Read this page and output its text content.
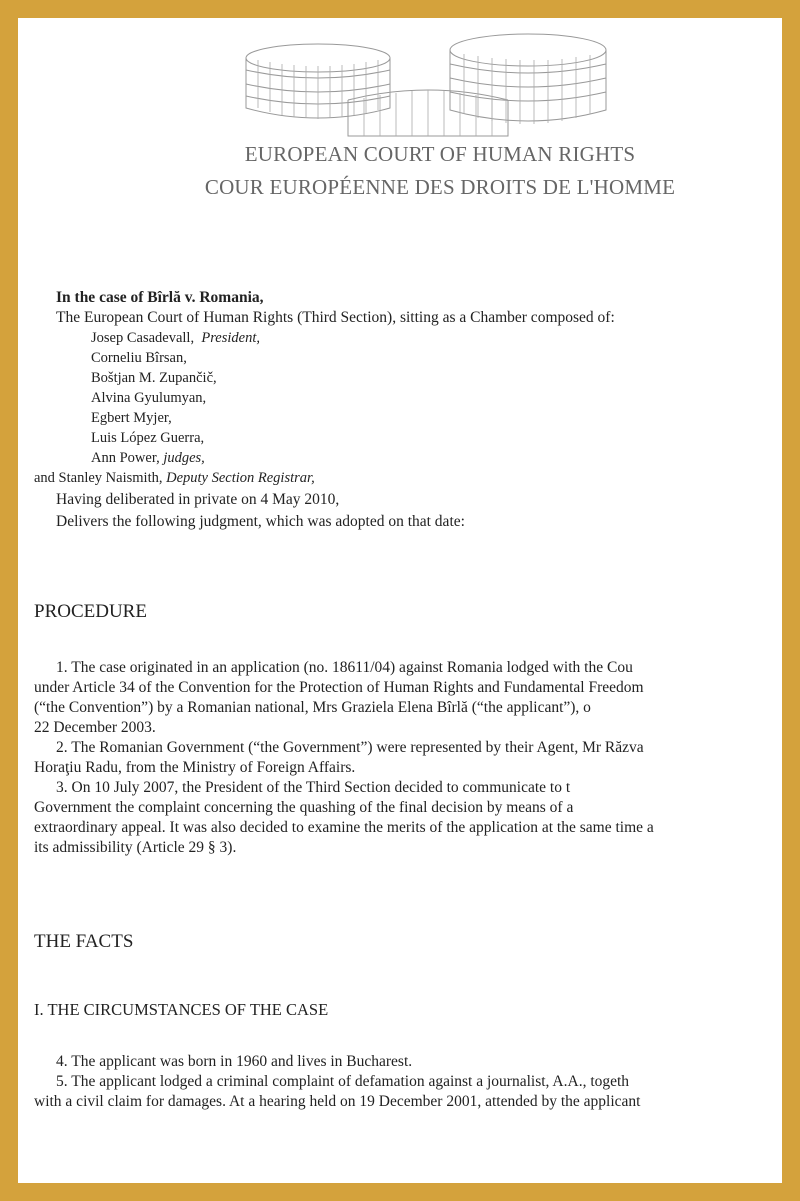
EUROPEAN COURT OF HUMAN RIGHTS
COUR EUROPÉENNE DES DROITS DE L'HOMME
In the case of Bîrlă v. Romania,
The European Court of Human Rights (Third Section), sitting as a Chamber composed of:
Josep Casadevall, President,
Corneliu Bîrsan,
Boštjan M. Zupančič,
Alvina Gyulumyan,
Egbert Myjer,
Luis López Guerra,
Ann Power, judges,
and Stanley Naismith, Deputy Section Registrar,
Having deliberated in private on 4 May 2010,
Delivers the following judgment, which was adopted on that date:
PROCEDURE
1. The case originated in an application (no. 18611/04) against Romania lodged with the Cou
under Article 34 of the Convention for the Protection of Human Rights and Fundamental Freedom
(“the Convention”) by a Romanian national, Mrs Graziela Elena Bîrlă (“the applicant”), o
22 December 2003.
2. The Romanian Government (“the Government”) were represented by their Agent, Mr Răzva
Horaţiu Radu, from the Ministry of Foreign Affairs.
3. On 10 July 2007, the President of the Third Section decided to communicate to t
Government the complaint concerning the quashing of the final decision by means of a
extraordinary appeal. It was also decided to examine the merits of the application at the same time a
its admissibility (Article 29 § 3).
THE FACTS
I. THE CIRCUMSTANCES OF THE CASE
4. The applicant was born in 1960 and lives in Bucharest.
5. The applicant lodged a criminal complaint of defamation against a journalist, A.A., togeth
with a civil claim for damages. At a hearing held on 19 December 2001, attended by the applicant
